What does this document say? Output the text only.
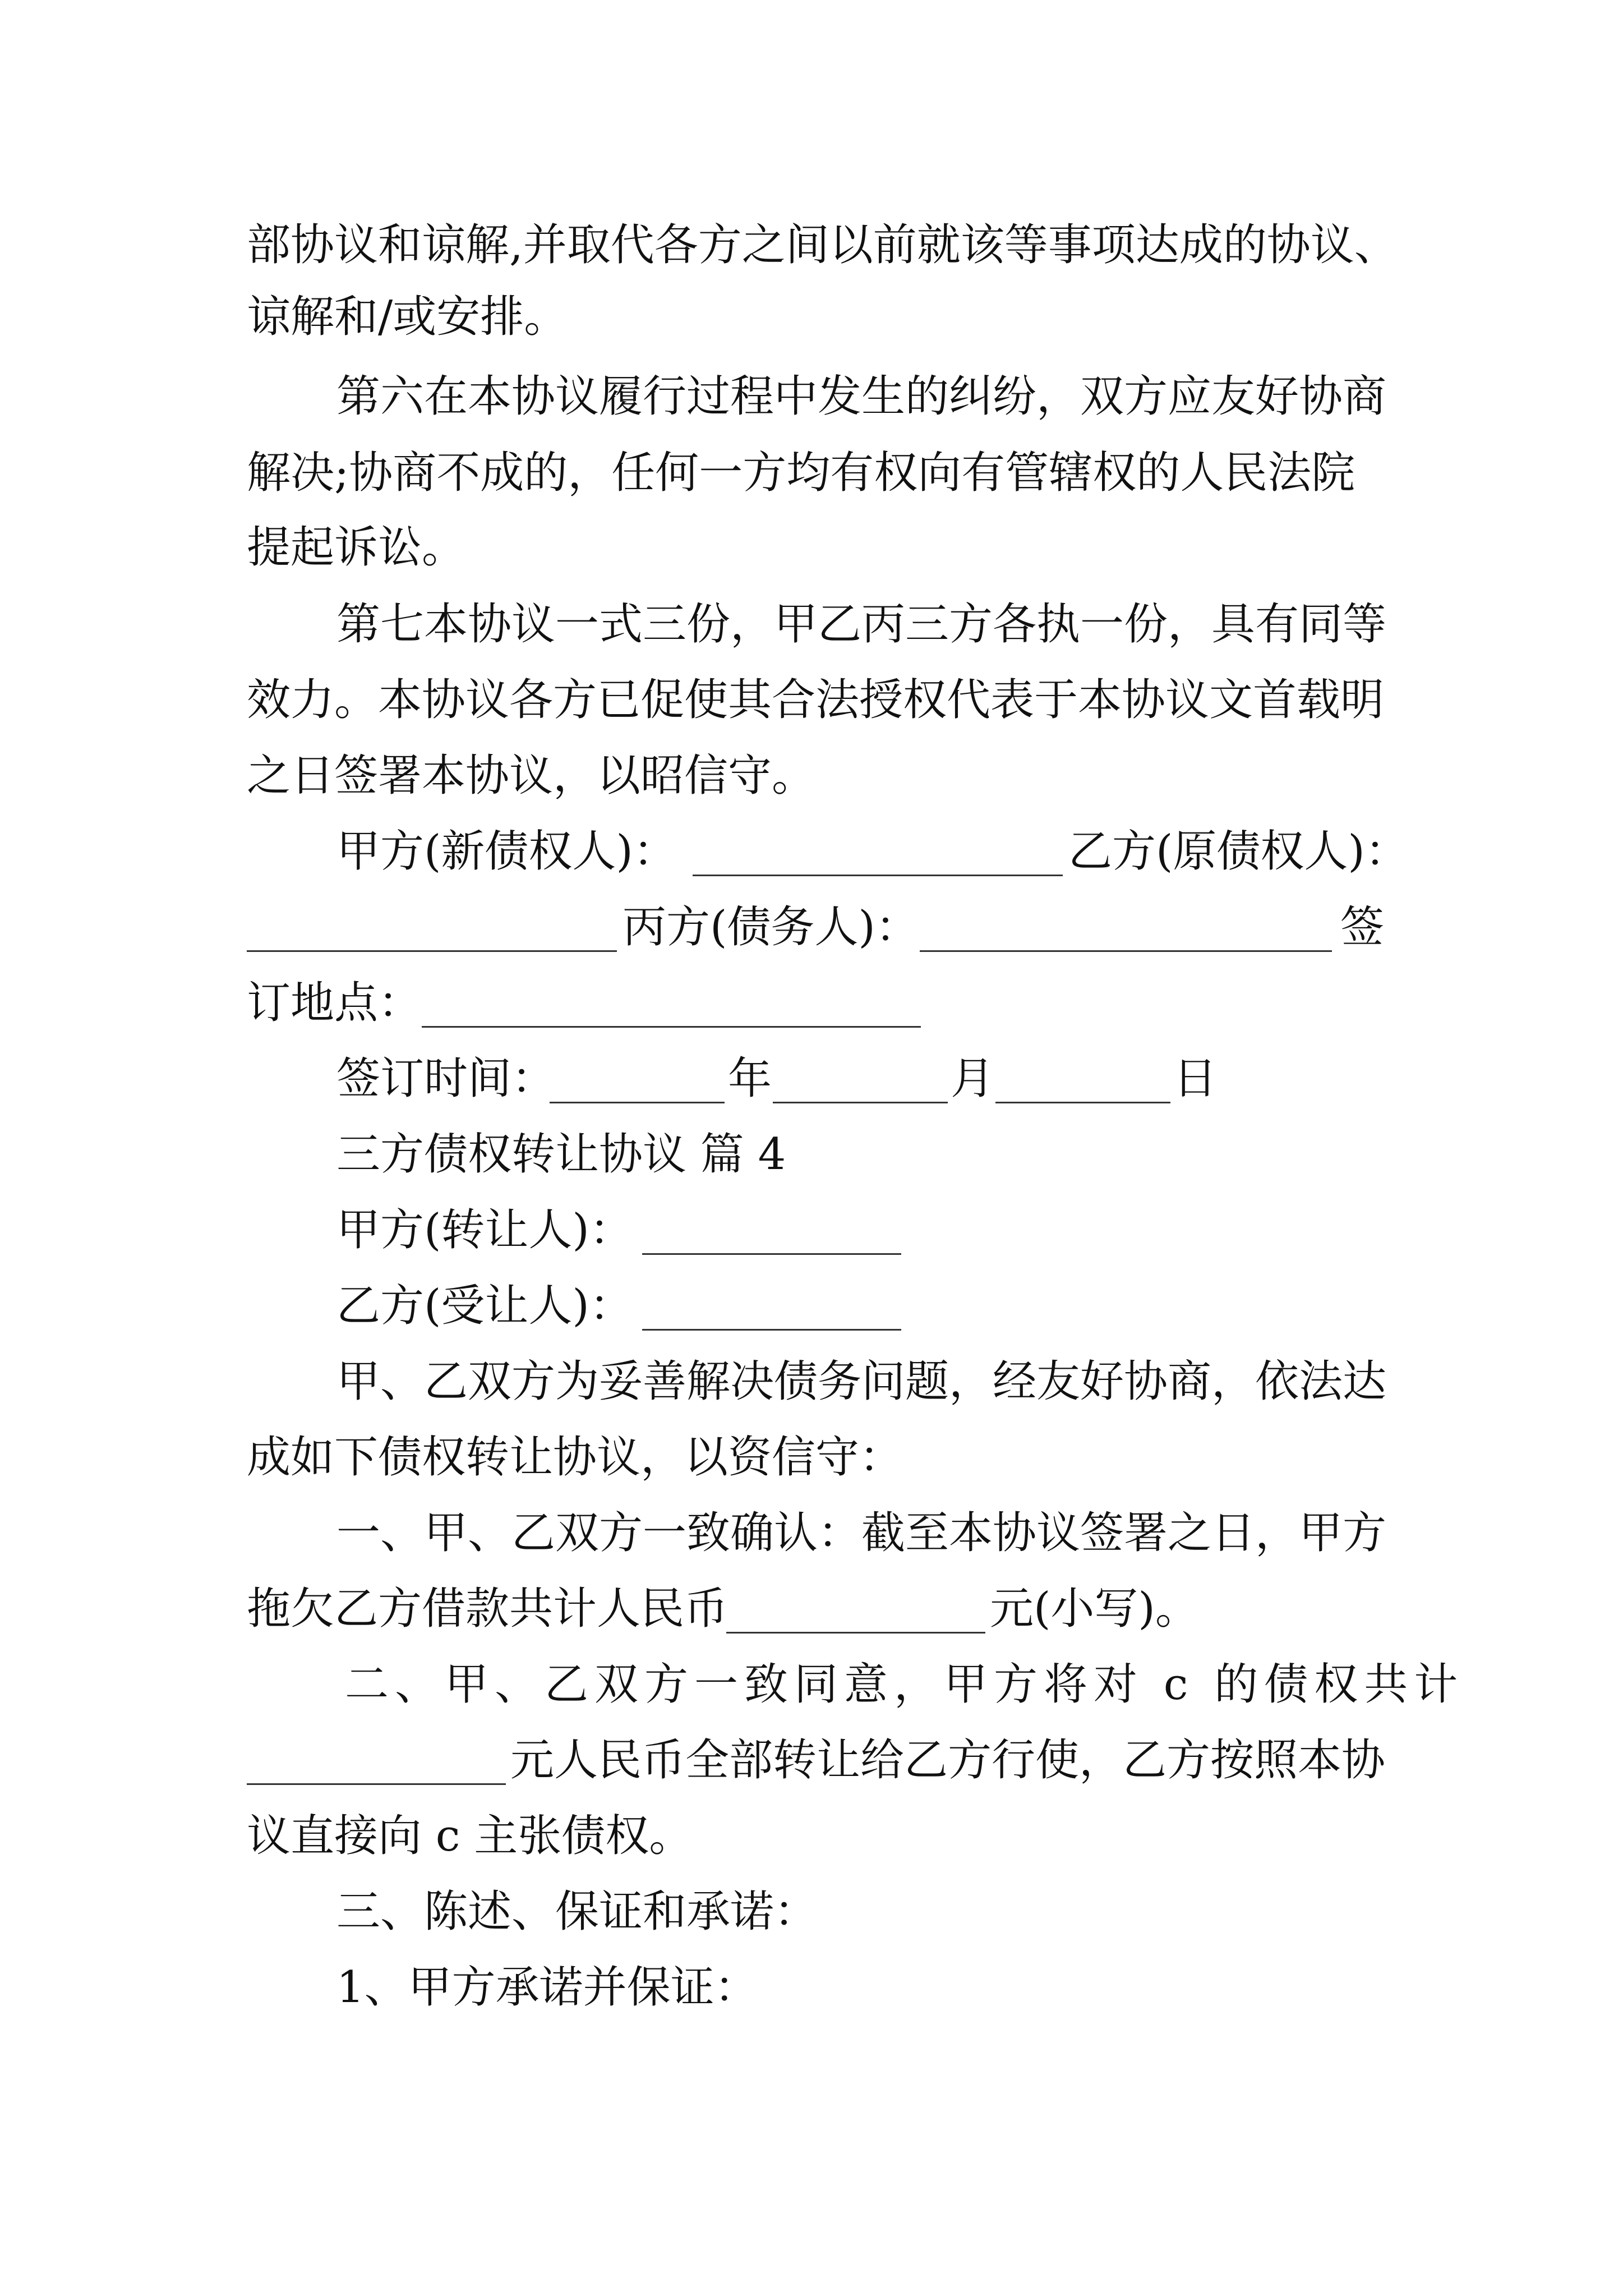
部协议和谅解,并取代各方之间以前就该等事项达成的协议、
谅解和/或安排。
第六在本协议履行过程中发生的纠纷，双方应友好协商
解决;协商不成的，任何一方均有权向有管辖权的人民法院
提起诉讼。
第七本协议一式三份，甲乙丙三方各执一份，具有同等
效力。本协议各方已促使其合法授权代表于本协议文首载明
之日签署本协议，以昭信守。
甲方(新债权人)：	乙方(原债权人)：
丙方(债务人)：	签
订地点：
签订时间：	年	月	日
三方债权转让协议 篇 4
甲方(转让人)：
乙方(受让人)：
甲、乙双方为妥善解决债务问题，经友好协商，依法达
成如下债权转让协议，以资信守：
一、甲、乙双方一致确认：截至本协议签署之日，甲方
拖欠乙方借款共计人民币	元(小写)。
二、甲、乙双方一致同意，甲方将对 c 的债权共计
元人民币全部转让给乙方行使，乙方按照本协
议直接向 c 主张债权。
三、陈述、保证和承诺：
1、甲方承诺并保证：
